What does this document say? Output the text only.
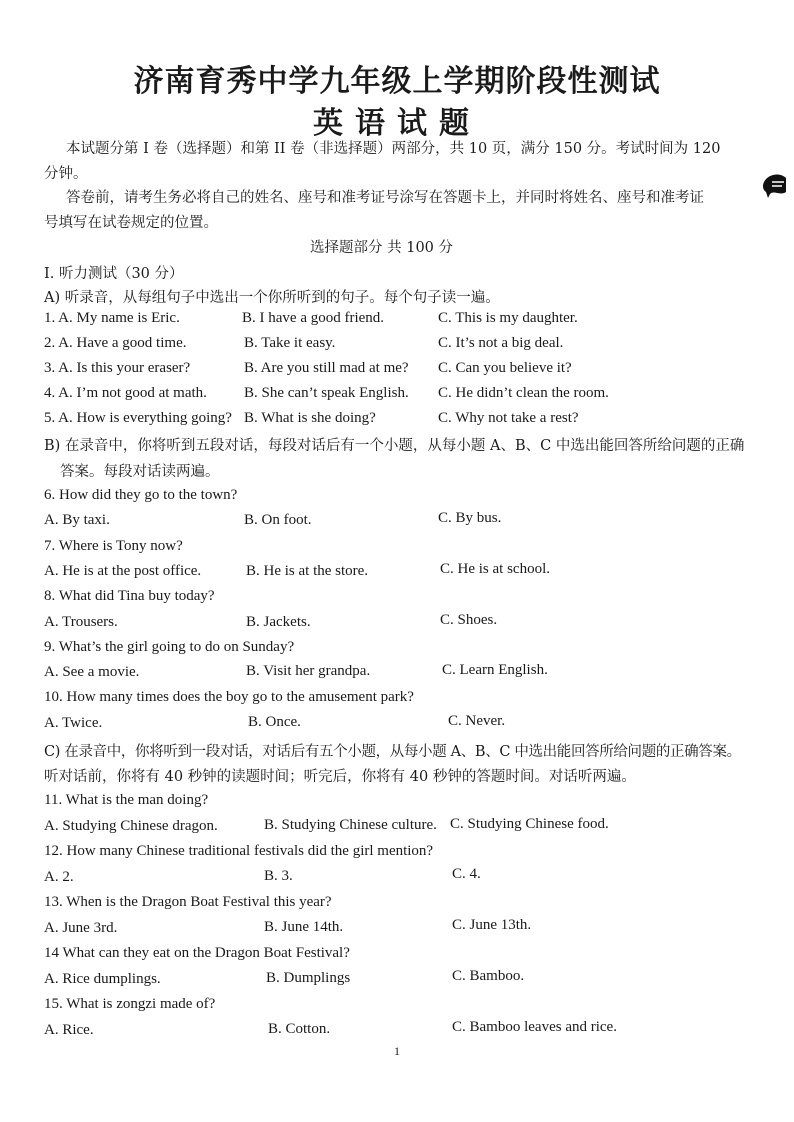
济南育秀中学九年级上学期阶段性测试
英语试题
本试题分第 I 卷（选择题）和第 II 卷（非选择题）两部分，共 10 页，满分 150 分。考试时间为 120
分钟。
答卷前，请考生务必将自己的姓名、座号和准考证号涂写在答题卡上，并同时将姓名、座号和准考证
号填写在试卷规定的位置。
选择题部分 共 100 分
I. 听力测试（30 分）
A) 听录音，从每组句子中选出一个你所听到的句子。每个句子读一遍。
1. A. My name is Eric.	B. I have a good friend.	C. This is my daughter.
2. A. Have a good time.	B. Take it easy.	C. It’s not a big deal.
3. A. Is this your eraser?	B. Are you still mad at me? C. Can you believe it?
4. A. I’m not good at math. B. She can’t speak English. C. He didn’t clean the room.
5. A. How is everything going? B. What is she doing?	C. Why not take a rest?
B) 在录音中，你将听到五段对话，每段对话后有一个小题，从每小题 A、B、C 中选出能回答所给问题的正确
答案。每段对话读两遍。
6. How did they go to the town?
A. By taxi.	B. On foot.	C. By bus.
7. Where is Tony now?
A. He is at the post office.	B. He is at the store.	C. He is at school.
8. What did Tina buy today?
A. Trousers.	B. Jackets.	C. Shoes.
9. What’s the girl going to do on Sunday?
A. See a movie.	B. Visit her grandpa.	C. Learn English.
10. How many times does the boy go to the amusement park?
A. Twice.	B. Once.	C. Never.
C) 在录音中，你将听到一段对话，对话后有五个小题，从每小题 A、B、C 中选出能回答所给问题的正确答案。
听对话前，你将有 40 秒钟的读题时间；听完后，你将有 40 秒钟的答题时间。对话听两遍。
11. What is the man doing?
A. Studying Chinese dragon.	B. Studying Chinese culture. C. Studying Chinese food.
12. How many Chinese traditional festivals did the girl mention?
A. 2.	B. 3.	C. 4.
13. When is the Dragon Boat Festival this year?
A. June 3rd.	B. June 14th.	C. June 13th.
14 What can they eat on the Dragon Boat Festival?
A. Rice dumplings.	B. Dumplings	C. Bamboo.
15. What is zongzi made of?
A. Rice.	B. Cotton.	C. Bamboo leaves and rice.
1
